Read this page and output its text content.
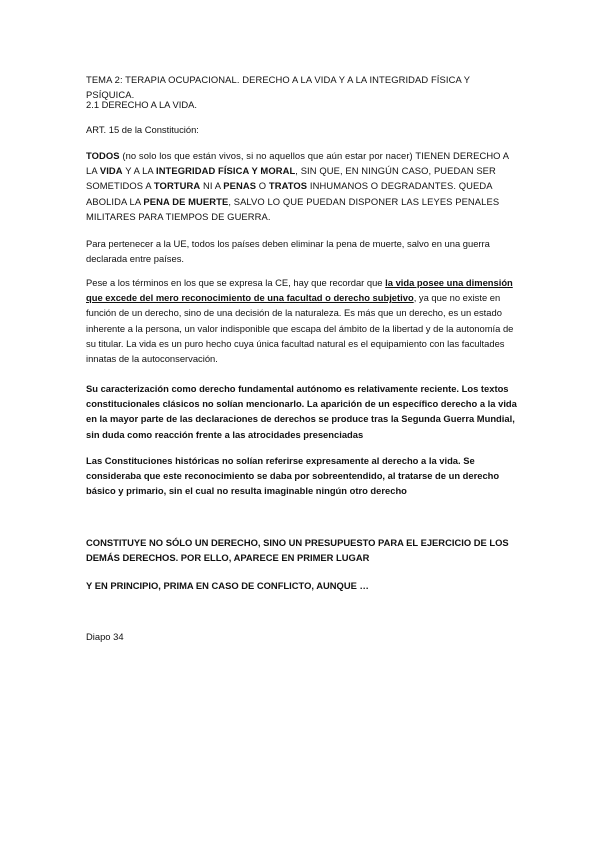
TEMA 2: TERAPIA OCUPACIONAL. DERECHO A LA VIDA Y A LA INTEGRIDAD FÍSICA Y PSÍQUICA.

2.1 DERECHO A LA VIDA.

ART. 15 de la Constitución:

TODOS (no solo los que están vivos, si no aquellos que aún estar por nacer) TIENEN DERECHO A LA VIDA Y A LA INTEGRIDAD FÍSICA Y MORAL, SIN QUE, EN NINGÚN CASO, PUEDAN SER SOMETIDOS A TORTURA NI A PENAS O TRATOS INHUMANOS O DEGRADANTES. QUEDA ABOLIDA LA PENA DE MUERTE, SALVO LO QUE PUEDAN DISPONER LAS LEYES PENALES MILITARES PARA TIEMPOS DE GUERRA.

Para pertenecer a la UE, todos los países deben eliminar la pena de muerte, salvo en una guerra declarada entre países.

Pese a los términos en los que se expresa la CE, hay que recordar que la vida posee una dimensión que excede del mero reconocimiento de una facultad o derecho subjetivo, ya que no existe en función de un derecho, sino de una decisión de la naturaleza. Es más que un derecho, es un estado inherente a la persona, un valor indisponible que escapa del ámbito de la libertad y de la autonomía de su titular. La vida es un puro hecho cuya única facultad natural es el equipamiento con las facultades innatas de la autoconservación.

Su caracterización como derecho fundamental autónomo es relativamente reciente. Los textos constitucionales clásicos no solían mencionarlo. La aparición de un específico derecho a la vida en la mayor parte de las declaraciones de derechos se produce tras la Segunda Guerra Mundial, sin duda como reacción frente a las atrocidades presenciadas

Las Constituciones históricas no solían referirse expresamente al derecho a la vida. Se consideraba que este reconocimiento se daba por sobreentendido, al tratarse de un derecho básico y primario, sin el cual no resulta imaginable ningún otro derecho

CONSTITUYE NO SÓLO UN DERECHO, SINO UN PRESUPUESTO PARA EL EJERCICIO DE LOS DEMÁS DERECHOS. POR ELLO, APARECE EN PRIMER LUGAR

Y EN PRINCIPIO, PRIMA EN CASO DE CONFLICTO, AUNQUE …

Diapo 34
